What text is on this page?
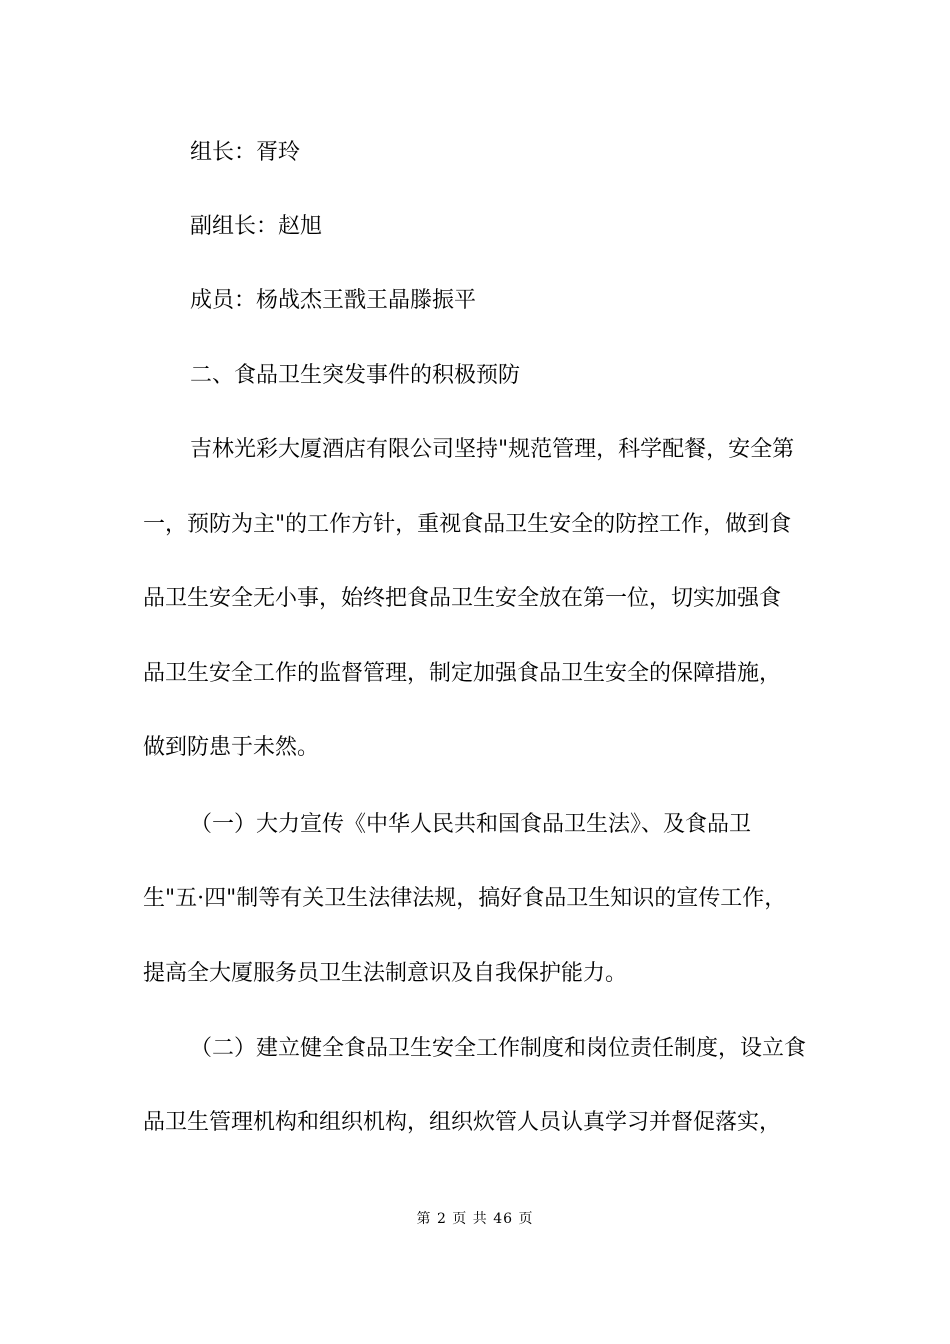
组长：胥玲

副组长：赵旭

成员：杨战杰王戬王晶滕振平

二、食品卫生突发事件的积极预防

吉林光彩大厦酒店有限公司坚持"规范管理，科学配餐，安全第

一，预防为主"的工作方针，重视食品卫生安全的防控工作，做到食

品卫生安全无小事，始终把食品卫生安全放在第一位，切实加强食

品卫生安全工作的监督管理，制定加强食品卫生安全的保障措施，

做到防患于未然。

（一）大力宣传《中华人民共和国食品卫生法》、及食品卫

生"五·四"制等有关卫生法律法规，搞好食品卫生知识的宣传工作，

提高全大厦服务员卫生法制意识及自我保护能力。

（二）建立健全食品卫生安全工作制度和岗位责任制度，设立食

品卫生管理机构和组织机构，组织炊管人员认真学习并督促落实，

第 2 页 共 46 页
